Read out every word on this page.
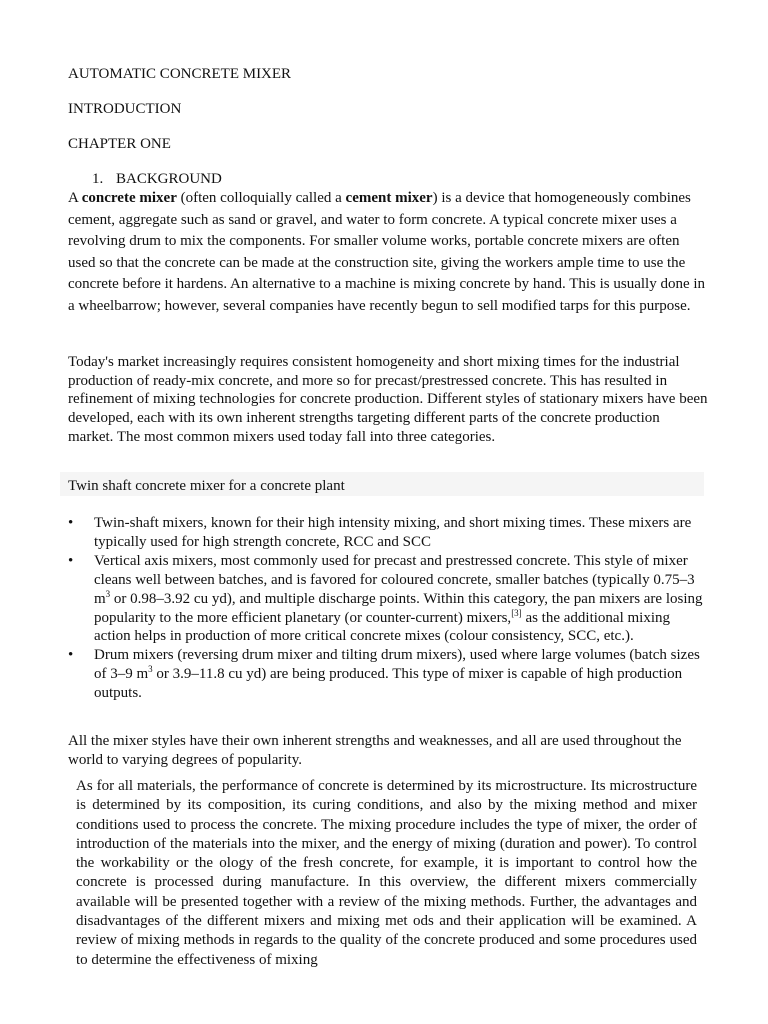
AUTOMATIC CONCRETE MIXER
INTRODUCTION
CHAPTER ONE
1. BACKGROUND

A concrete mixer (often colloquially called a cement mixer) is a device that homogeneously combines cement, aggregate such as sand or gravel, and water to form concrete. A typical concrete mixer uses a revolving drum to mix the components. For smaller volume works, portable concrete mixers are often used so that the concrete can be made at the construction site, giving the workers ample time to use the concrete before it hardens. An alternative to a machine is mixing concrete by hand. This is usually done in a wheelbarrow; however, several companies have recently begun to sell modified tarps for this purpose.

Today's market increasingly requires consistent homogeneity and short mixing times for the industrial production of ready-mix concrete, and more so for precast/prestressed concrete. This has resulted in refinement of mixing technologies for concrete production. Different styles of stationary mixers have been developed, each with its own inherent strengths targeting different parts of the concrete production market. The most common mixers used today fall into three categories.

Twin shaft concrete mixer for a concrete plant
• Twin-shaft mixers, known for their high intensity mixing, and short mixing times. These mixers are typically used for high strength concrete, RCC and SCC
• Vertical axis mixers, most commonly used for precast and prestressed concrete. This style of mixer cleans well between batches, and is favored for coloured concrete, smaller batches (typically 0.75–3 $m^3$ or 0.98–3.92 cu yd), and multiple discharge points. Within this category, the pan mixers are losing popularity to the more efficient planetary (or counter-current) mixers,[3] as the additional mixing action helps in production of more critical concrete mixes (colour consistency, SCC, etc.).
• Drum mixers (reversing drum mixer and tilting drum mixers), used where large volumes (batch sizes of 3–9 $m^3$ or 3.9–11.8 cu yd) are being produced. This type of mixer is capable of high production outputs.

All the mixer styles have their own inherent strengths and weaknesses, and all are used throughout the world to varying degrees of popularity.

As for all materials, the performance of concrete is determined by its microstructure. Its microstructure is determined by its composition, its curing conditions, and also by the mixing method and mixer conditions used to process the concrete. The mixing procedure includes the type of mixer, the order of introduction of the materials into the mixer, and the energy of mixing (duration and power). To control the workability or the ology of the fresh concrete, for example, it is important to control how the concrete is processed during manufacture. In this overview, the different mixers commercially available will be presented together with a review of the mixing methods. Further, the advantages and disadvantages of the different mixers and mixing met ods and their application will be examined. A review of mixing methods in regards to the quality of the concrete produced and some procedures used to determine the effectiveness of mixing
